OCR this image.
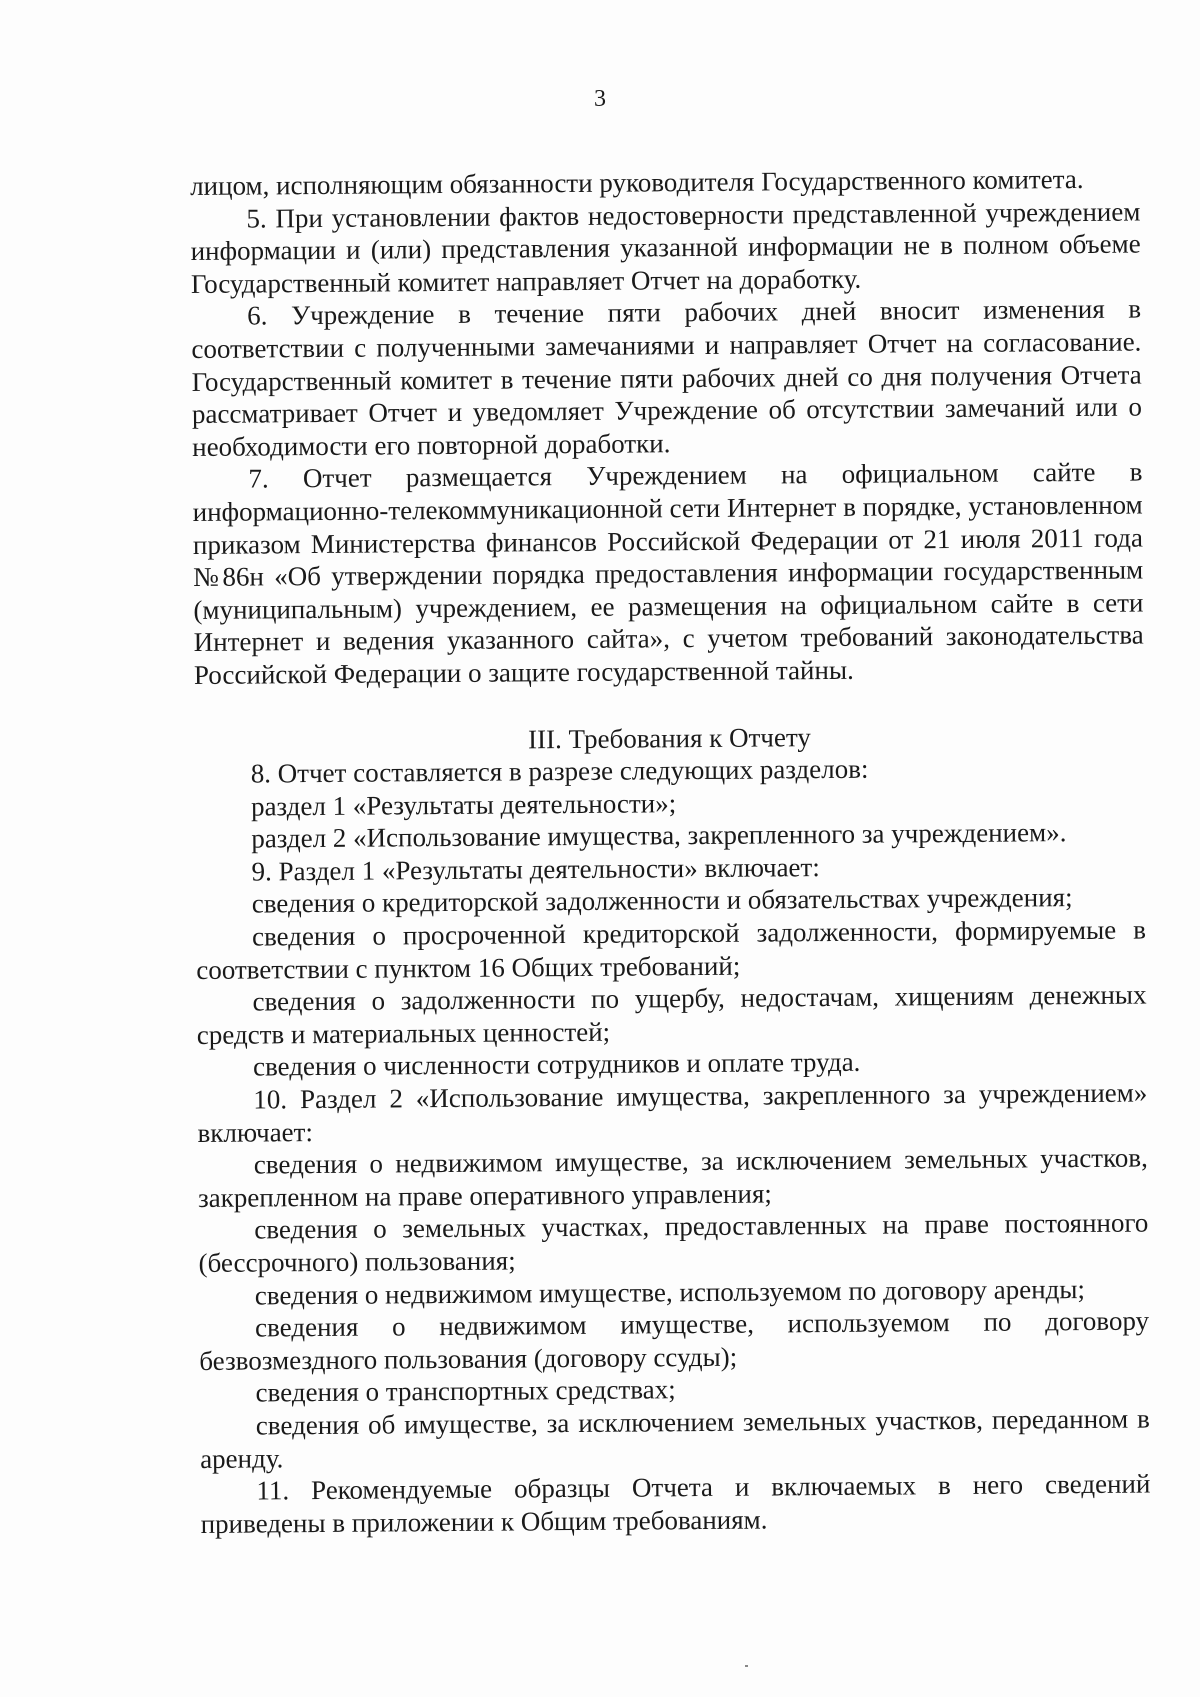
3

лицом, исполняющим обязанности руководителя Государственного комитета.

5. При установлении фактов недостоверности представленной учреждением информации и (или) представления указанной информации не в полном объеме Государственный комитет направляет Отчет на доработку.

6. Учреждение в течение пяти рабочих дней вносит изменения в соответствии с полученными замечаниями и направляет Отчет на согласование. Государственный комитет в течение пяти рабочих дней со дня получения Отчета рассматривает Отчет и уведомляет Учреждение об отсутствии замечаний или о необходимости его повторной доработки.

7. Отчет размещается Учреждением на официальном сайте в информационно-телекоммуникационной сети Интернет в порядке, установленном приказом Министерства финансов Российской Федерации от 21 июля 2011 года №86н «Об утверждении порядка предоставления информации государственным (муниципальным) учреждением, ее размещения на официальном сайте в сети Интернет и ведения указанного сайта», с учетом требований законодательства Российской Федерации о защите государственной тайны.

III. Требования к Отчету

8. Отчет составляется в разрезе следующих разделов:

раздел 1 «Результаты деятельности»;

раздел 2 «Использование имущества, закрепленного за учреждением».

9. Раздел 1 «Результаты деятельности» включает:

сведения о кредиторской задолженности и обязательствах учреждения;

сведения о просроченной кредиторской задолженности, формируемые в соответствии с пунктом 16 Общих требований;

сведения о задолженности по ущербу, недостачам, хищениям денежных средств и материальных ценностей;

сведения о численности сотрудников и оплате труда.

10. Раздел 2 «Использование имущества, закрепленного за учреждением» включает:

сведения о недвижимом имуществе, за исключением земельных участков, закрепленном на праве оперативного управления;

сведения о земельных участках, предоставленных на праве постоянного (бессрочного) пользования;

сведения о недвижимом имуществе, используемом по договору аренды;

сведения о недвижимом имуществе, используемом по договору безвозмездного пользования (договору ссуды);

сведения о транспортных средствах;

сведения об имуществе, за исключением земельных участков, переданном в аренду.

11. Рекомендуемые образцы Отчета и включаемых в него сведений приведены в приложении к Общим требованиям.
